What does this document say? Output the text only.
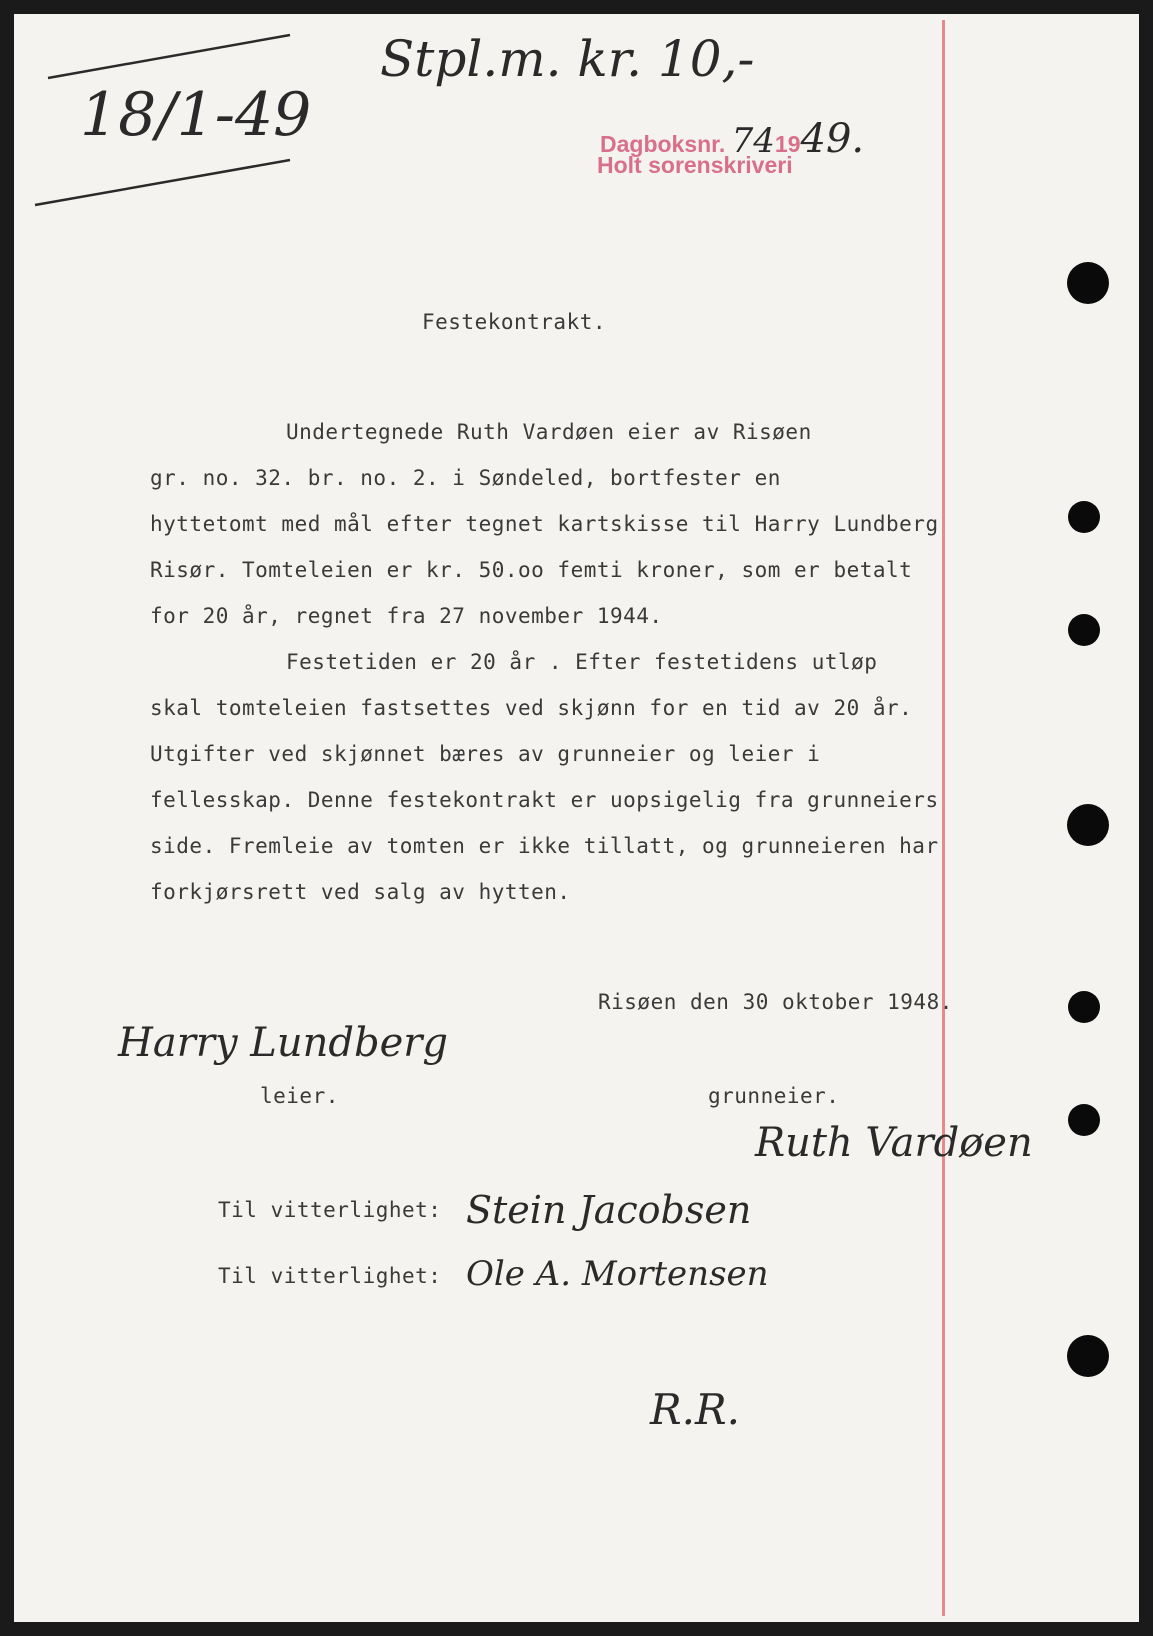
18/1-49
Stpl.m. kr. 10,-
Dagboksnr. 741949.
Holt sorenskriveri
Festekontrakt.
Undertegnede Ruth Vardøen eier av Risøen
gr. no. 32. br. no. 2. i Søndeled, bortfester en
hyttetomt med mål efter tegnet kartskisse til Harry Lundberg
Risør. Tomteleien er kr. 50.oo femti kroner, som er betalt
for 20 år, regnet fra 27 november 1944.
Festetiden er 20 år . Efter festetidens utløp
skal tomteleien fastsettes ved skjønn for en tid av 20 år.
Utgifter ved skjønnet bæres av grunneier og leier i
fellesskap. Denne festekontrakt er uopsigelig fra grunneiers
side. Fremleie av tomten er ikke tillatt, og grunneieren har
forkjørsrett ved salg av hytten.
Risøen den 30 oktober 1948.
Harry Lundberg
leier.	grunneier.
Ruth Vardøen
Til vitterlighet: Stein Jacobsen
Til vitterlighet: Ole A. Mortensen
R.R.
